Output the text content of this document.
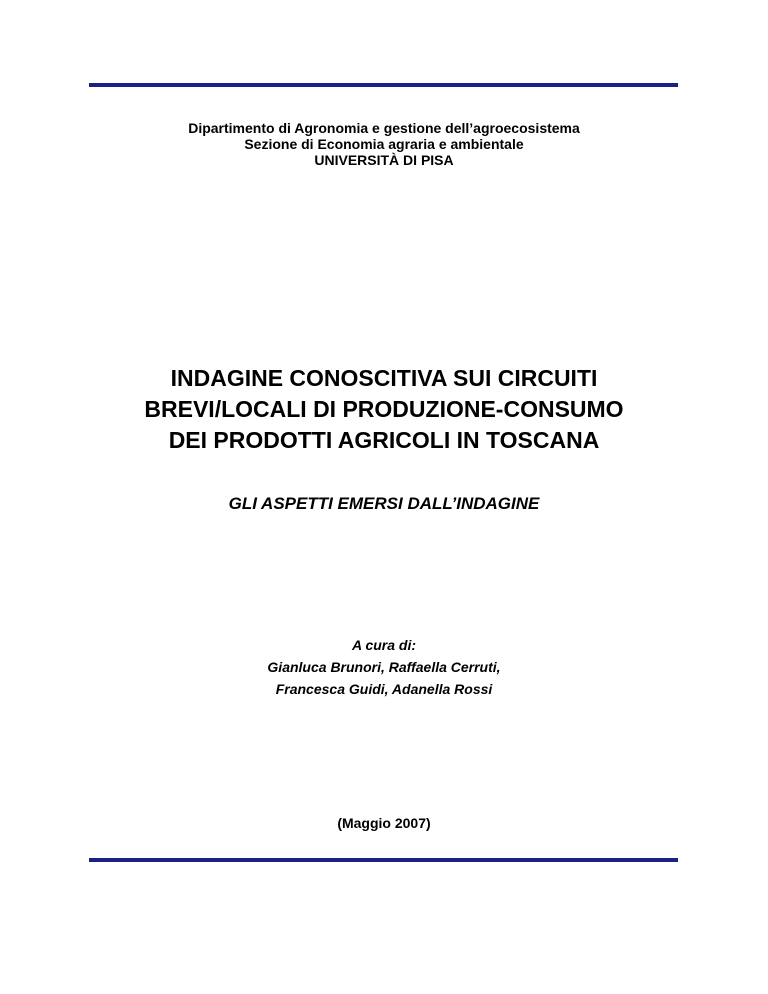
Dipartimento di Agronomia e gestione dell’agroecosistema
Sezione di Economia agraria e ambientale
UNIVERSITÀ DI PISA
INDAGINE CONOSCITIVA SUI CIRCUITI
BREVI/LOCALI DI PRODUZIONE-CONSUMO
DEI PRODOTTI AGRICOLI IN TOSCANA
GLI ASPETTI EMERSI DALL’INDAGINE
A cura di:
Gianluca Brunori, Raffaella Cerruti,
Francesca Guidi, Adanella Rossi
(Maggio 2007)
